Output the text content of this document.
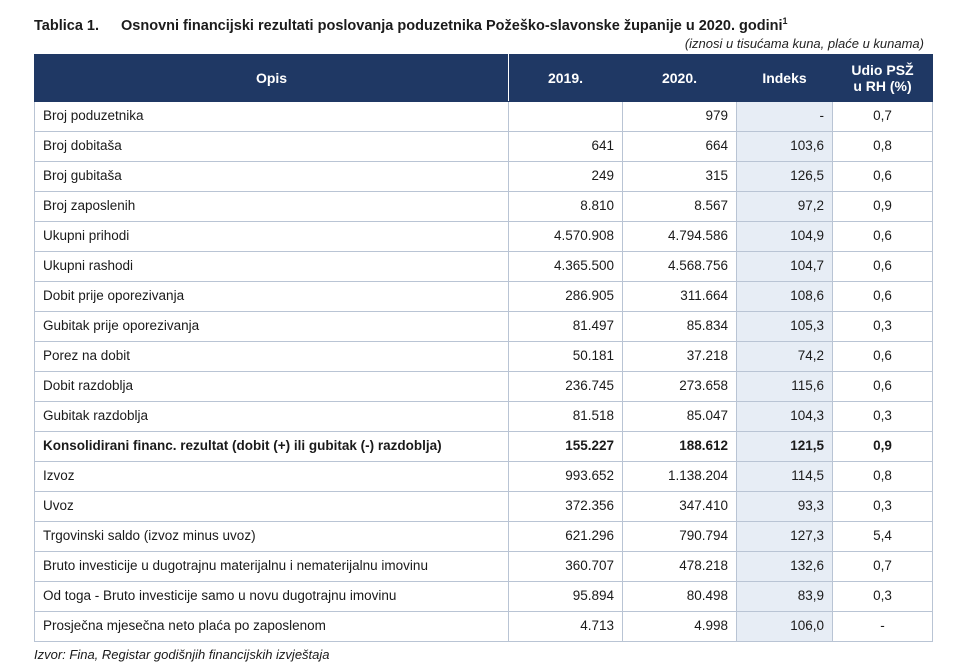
Tablica 1. Osnovni financijski rezultati poslovanja poduzetnika Požeško-slavonske županije u 2020. godini$^1$
(iznosi u tisućama kuna, plaće u kunama)
Opis	2019.	2020.	Indeks	Udio PSŽ
u RH (%)

Broj poduzetnika		979	-	0,7
Broj dobitaša	641	664	103,6	0,8
Broj gubitaša	249	315	126,5	0,6
Broj zaposlenih	8.810	8.567	97,2	0,9
Ukupni prihodi	4.570.908	4.794.586	104,9	0,6
Ukupni rashodi	4.365.500	4.568.756	104,7	0,6
Dobit prije oporezivanja	286.905	311.664	108,6	0,6
Gubitak prije oporezivanja	81.497	85.834	105,3	0,3
Porez na dobit	50.181	37.218	74,2	0,6
Dobit razdoblja	236.745	273.658	115,6	0,6
Gubitak razdoblja	81.518	85.047	104,3	0,3
Konsolidirani financ. rezultat (dobit (+) ili gubitak (-) razdoblja)	155.227	188.612	121,5	0,9
Izvoz	993.652	1.138.204	114,5	0,8
Uvoz	372.356	347.410	93,3	0,3
Trgovinski saldo (izvoz minus uvoz)	621.296	790.794	127,3	5,4
Bruto investicije u dugotrajnu materijalnu i nematerijalnu imovinu	360.707	478.218	132,6	0,7
Od toga - Bruto investicije samo u novu dugotrajnu imovinu	95.894	80.498	83,9	0,3
Prosječna mjesečna neto plaća po zaposlenom	4.713	4.998	106,0	-
Izvor: Fina, Registar godišnjih financijskih izvještaja
